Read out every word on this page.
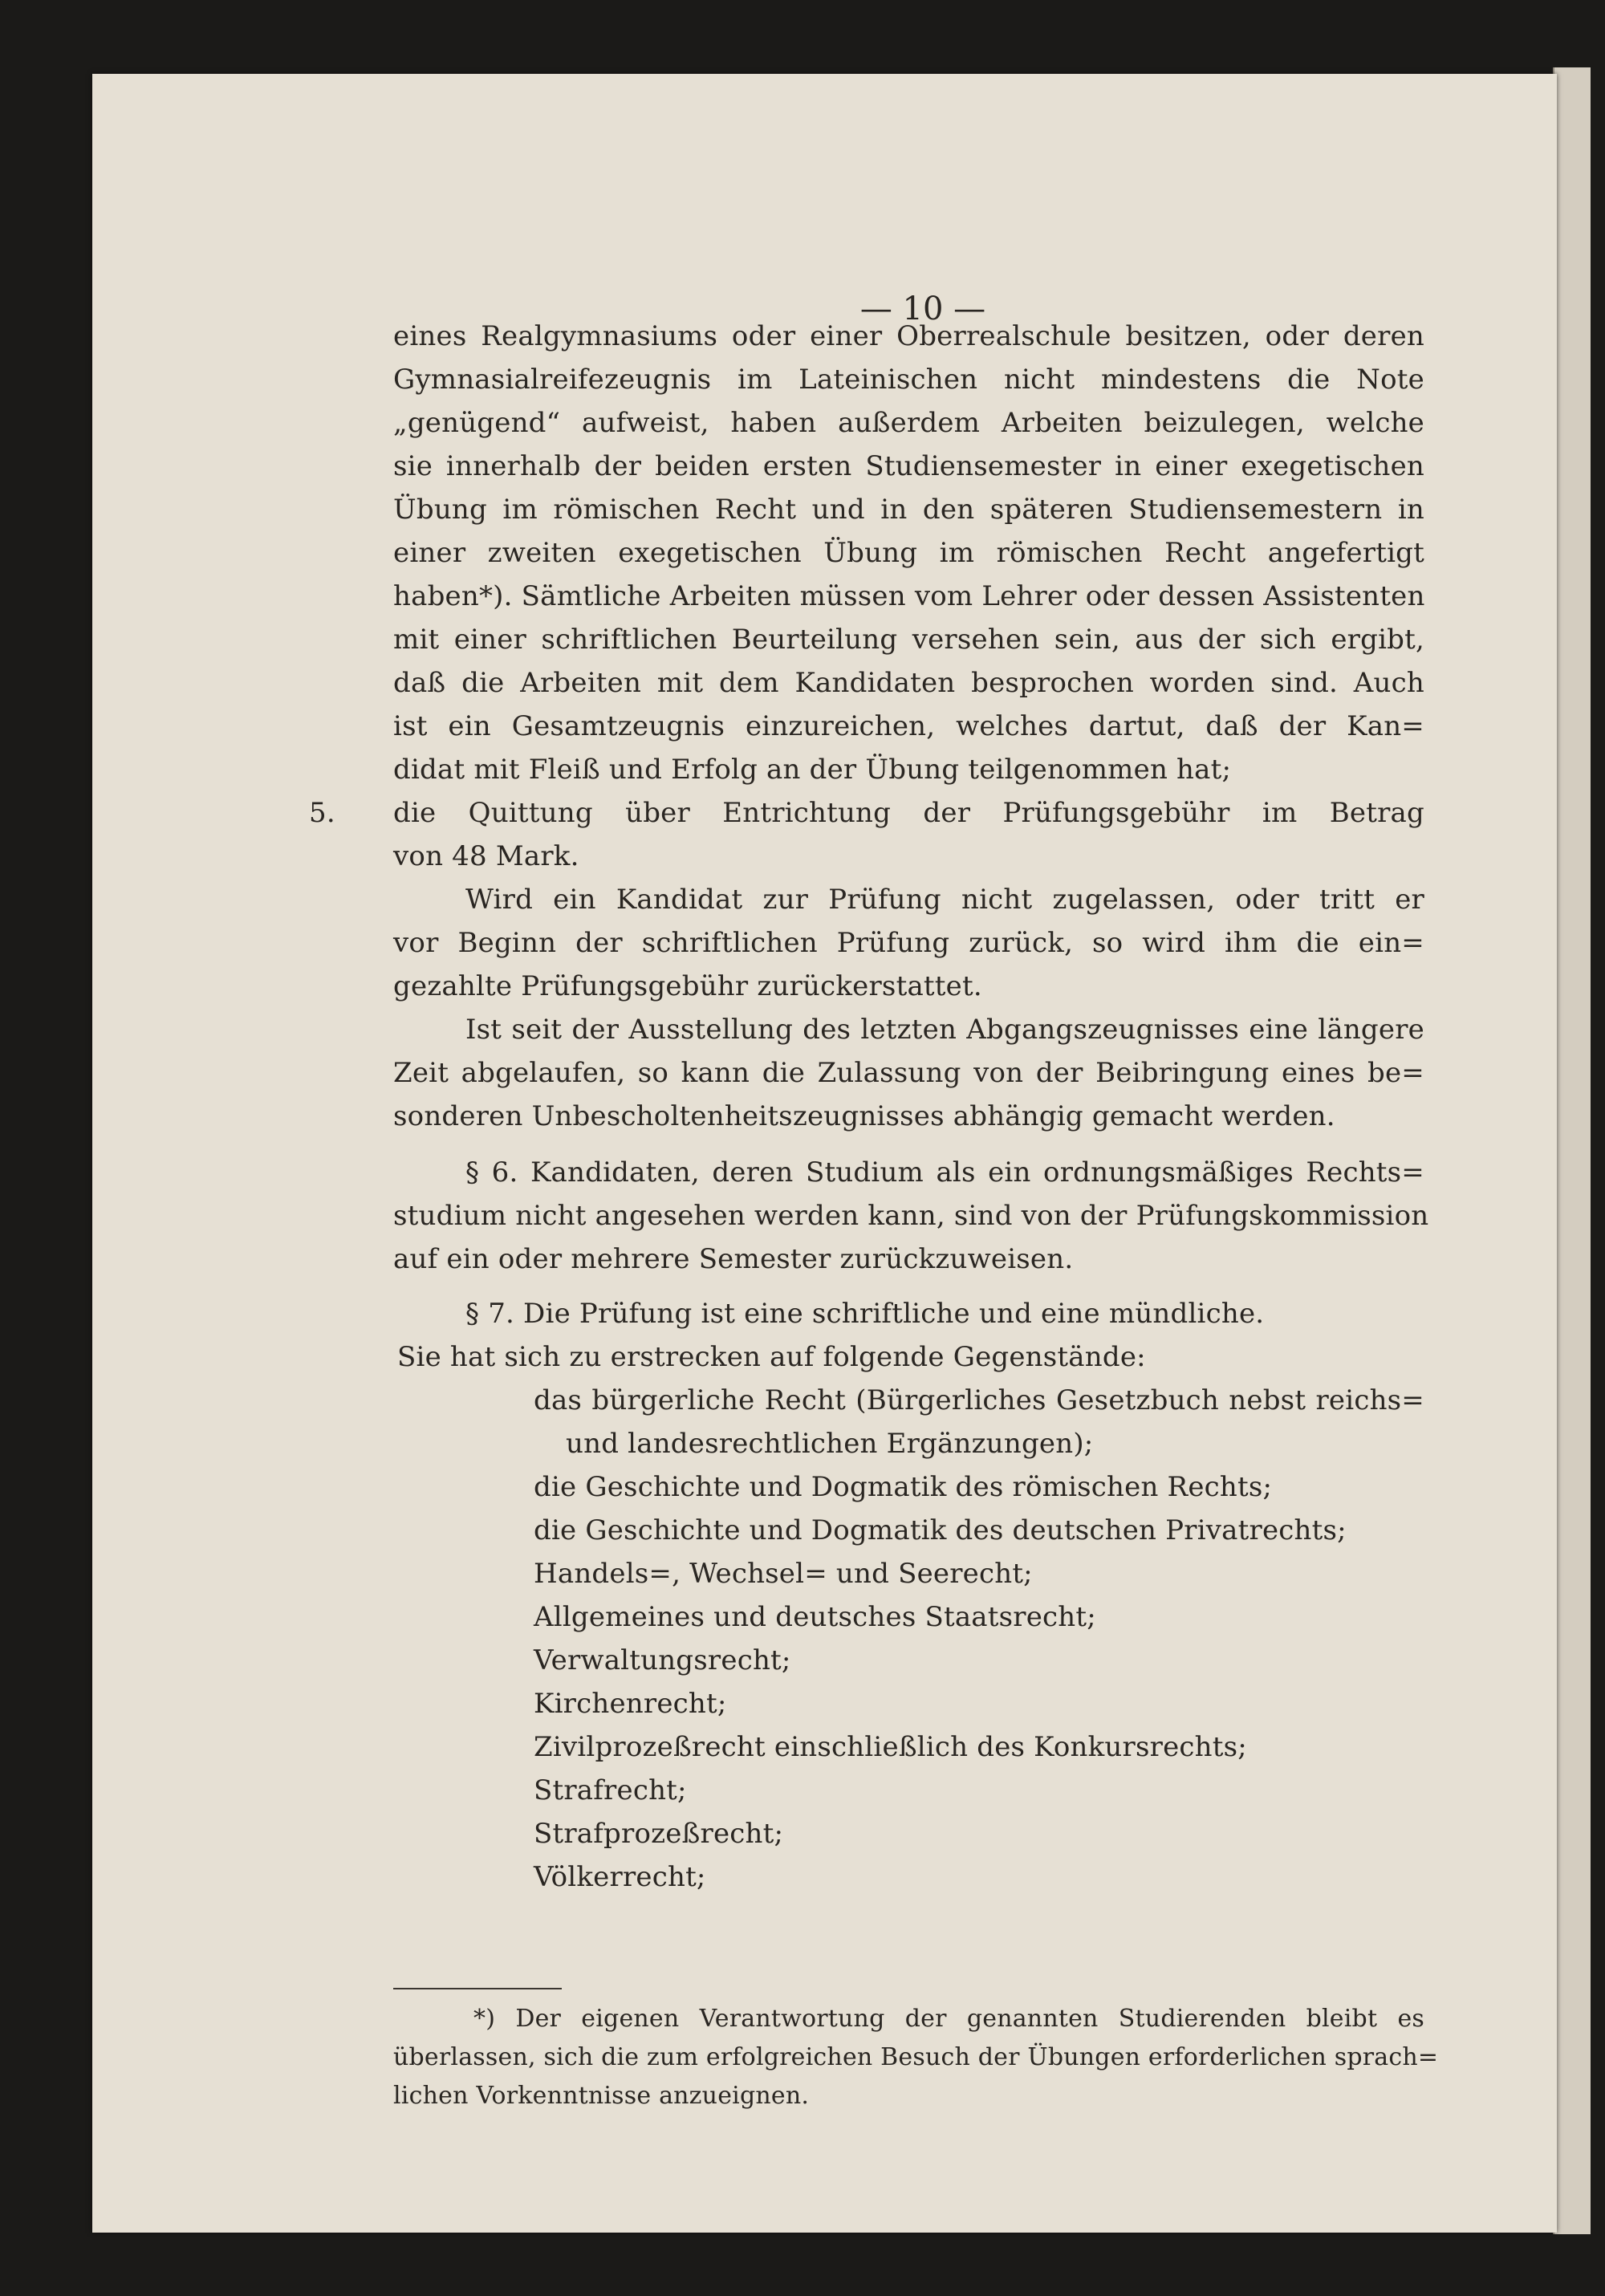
— 10 —
eines Realgymnasiums oder einer Oberrealschule besitzen, oder deren
Gymnasialreifezeugnis im Lateinischen nicht mindestens die Note
„genügend“ aufweist, haben außerdem Arbeiten beizulegen, welche
sie innerhalb der beiden ersten Studiensemester in einer exegetischen
Übung im römischen Recht und in den späteren Studiensemestern in
einer zweiten exegetischen Übung im römischen Recht angefertigt
haben*). Sämtliche Arbeiten müssen vom Lehrer oder dessen Assistenten
mit einer schriftlichen Beurteilung versehen sein, aus der sich ergibt,
daß die Arbeiten mit dem Kandidaten besprochen worden sind. Auch
ist ein Gesamtzeugnis einzureichen, welches dartut, daß der Kan=
didat mit Fleiß und Erfolg an der Übung teilgenommen hat;
5. die Quittung über Entrichtung der Prüfungsgebühr im Betrag
von 48 Mark.
Wird ein Kandidat zur Prüfung nicht zugelassen, oder tritt er
vor Beginn der schriftlichen Prüfung zurück, so wird ihm die ein=
gezahlte Prüfungsgebühr zurückerstattet.
Ist seit der Ausstellung des letzten Abgangszeugnisses eine längere
Zeit abgelaufen, so kann die Zulassung von der Beibringung eines be=
sonderen Unbescholtenheitszeugnisses abhängig gemacht werden.
§ 6. Kandidaten, deren Studium als ein ordnungsmäßiges Rechts=
studium nicht angesehen werden kann, sind von der Prüfungskommission
auf ein oder mehrere Semester zurückzuweisen.
§ 7. Die Prüfung ist eine schriftliche und eine mündliche.
Sie hat sich zu erstrecken auf folgende Gegenstände:
das bürgerliche Recht (Bürgerliches Gesetzbuch nebst reichs=
und landesrechtlichen Ergänzungen);
die Geschichte und Dogmatik des römischen Rechts;
die Geschichte und Dogmatik des deutschen Privatrechts;
Handels=, Wechsel= und Seerecht;
Allgemeines und deutsches Staatsrecht;
Verwaltungsrecht;
Kirchenrecht;
Zivilprozeßrecht einschließlich des Konkursrechts;
Strafrecht;
Strafprozeßrecht;
Völkerrecht;
*) Der eigenen Verantwortung der genannten Studierenden bleibt es
überlassen, sich die zum erfolgreichen Besuch der Übungen erforderlichen sprach=
lichen Vorkenntnisse anzueignen.
